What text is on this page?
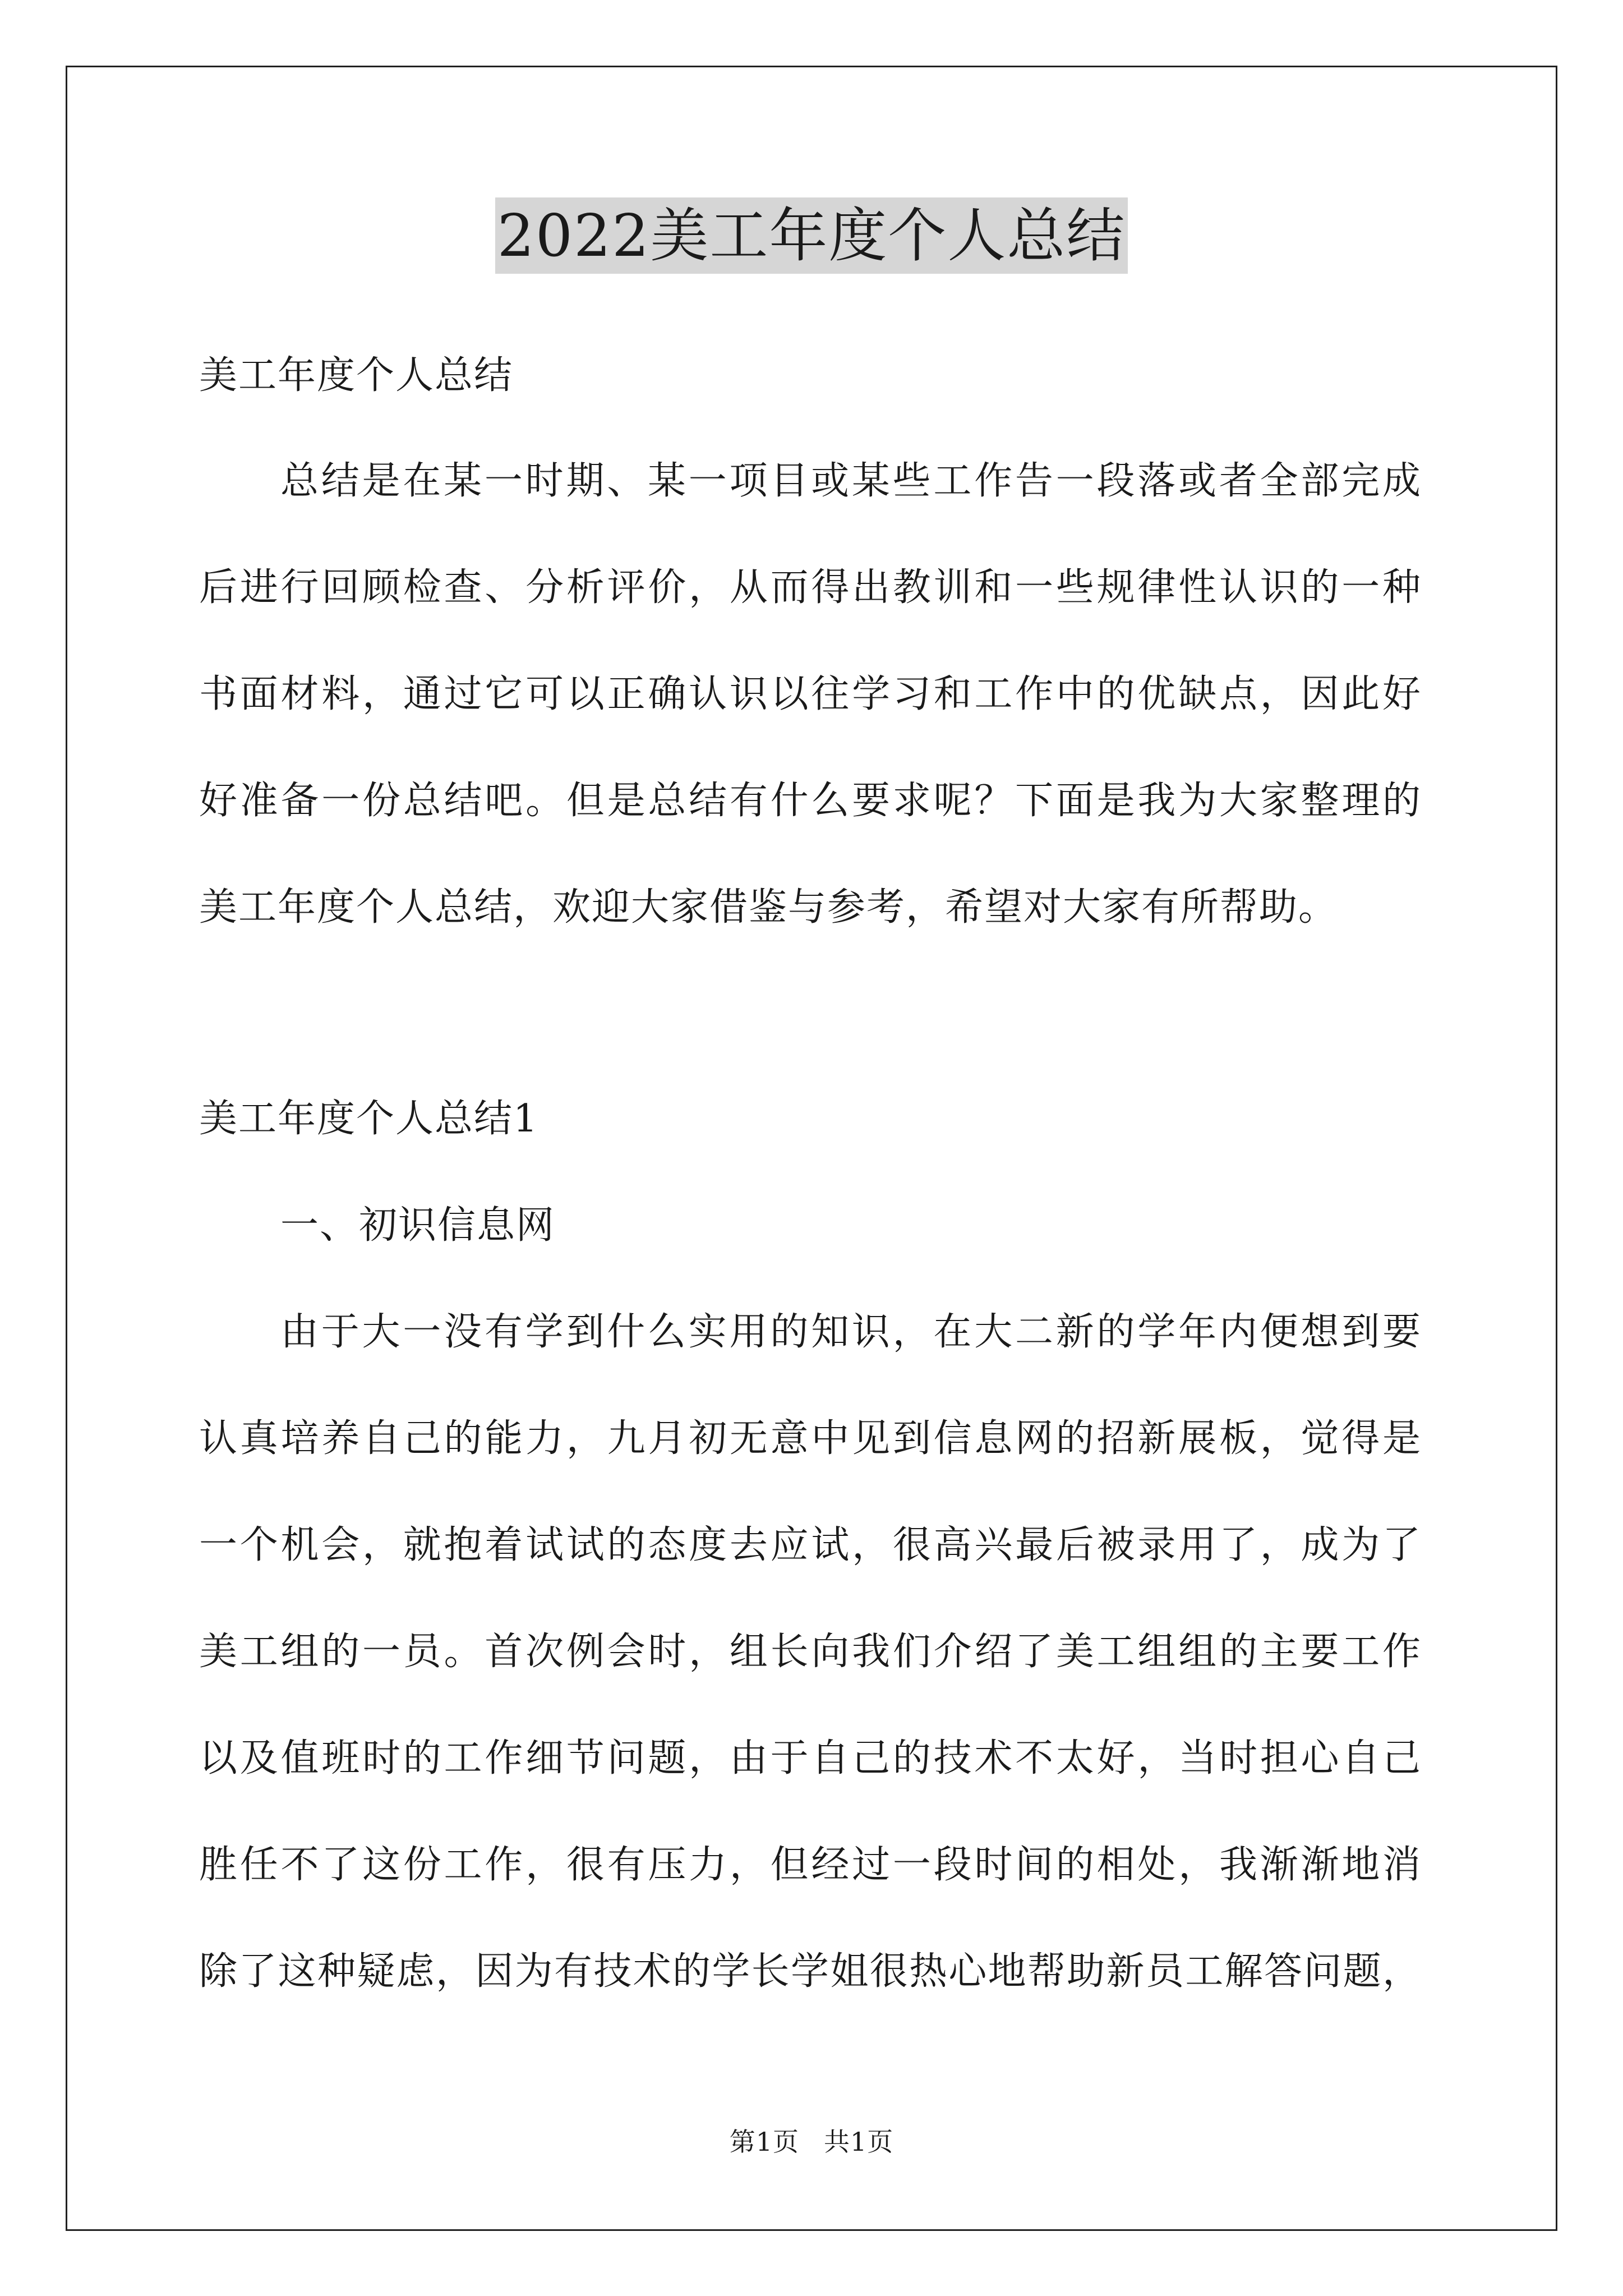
2022美工年度个人总结
美工年度个人总结
总结是在某一时期、某一项目或某些工作告一段落或者全部完成
后进行回顾检查、分析评价，从而得出教训和一些规律性认识的一种
书面材料，通过它可以正确认识以往学习和工作中的优缺点，因此好
好准备一份总结吧。但是总结有什么要求呢？下面是我为大家整理的
美工年度个人总结，欢迎大家借鉴与参考，希望对大家有所帮助。
美工年度个人总结1
一、初识信息网
由于大一没有学到什么实用的知识，在大二新的学年内便想到要
认真培养自己的能力，九月初无意中见到信息网的招新展板，觉得是
一个机会，就抱着试试的态度去应试，很高兴最后被录用了，成为了
美工组的一员。首次例会时，组长向我们介绍了美工组组的主要工作
以及值班时的工作细节问题，由于自己的技术不太好，当时担心自己
胜任不了这份工作，很有压力，但经过一段时间的相处，我渐渐地消
除了这种疑虑，因为有技术的学长学姐很热心地帮助新员工解答问题，
第1页 共1页
